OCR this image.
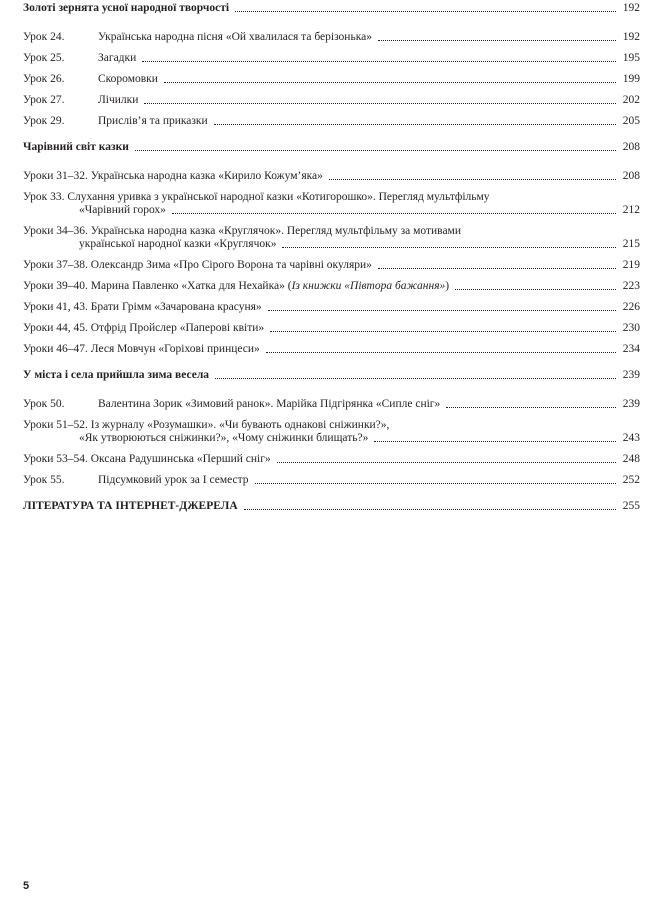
Золоті зернята усної народної творчості	192
Урок 24.	Українська народна пісня «Ой хвалилася та берізонька»	192
Урок 25.	Загадки	195
Урок 26.	Скоромовки	199
Урок 27.	Лічилки	202
Урок 29.	Прислів’я та приказки	205
Чарівний світ казки	208
Уроки 31–32. Українська народна казка «Кирило Кожум’яка»	208
Урок 33. Слухання уривка з української народної казки «Котигорошко». Перегляд мультфільму
«Чарівний горох»	212
Уроки 34–36. Українська народна казка «Круглячок». Перегляд мультфільму за мотивами
української народної казки «Круглячок»	215
Уроки 37–38. Олександр Зима «Про Сірого Ворона та чарівні окуляри»	219
Уроки 39–40. Марина Павленко «Хатка для Нехайка» (Із книжки «Півтора бажання»)	223
Уроки 41, 43. Брати Грімм «Зачарована красуня»	226
Уроки 44, 45. Отфрід Пройслер «Паперові квіти»	230
Уроки 46–47. Леся Мовчун «Горіхові принцеси»	234
У міста і села прийшла зима весела	239
Урок 50.	Валентина Зорик «Зимовий ранок». Марійка Підгірянка «Сипле сніг»	239
Уроки 51–52. Із журналу «Розумашки». «Чи бувають однакові сніжинки?»,
«Як утворюються сніжинки?», «Чому сніжинки блищать?»	243
Уроки 53–54. Оксана Радушинська «Перший сніг»	248
Урок 55.	Підсумковий урок за I семестр	252
ЛІТЕРАТУРА ТА ІНТЕРНЕТ-ДЖЕРЕЛА	255
5
